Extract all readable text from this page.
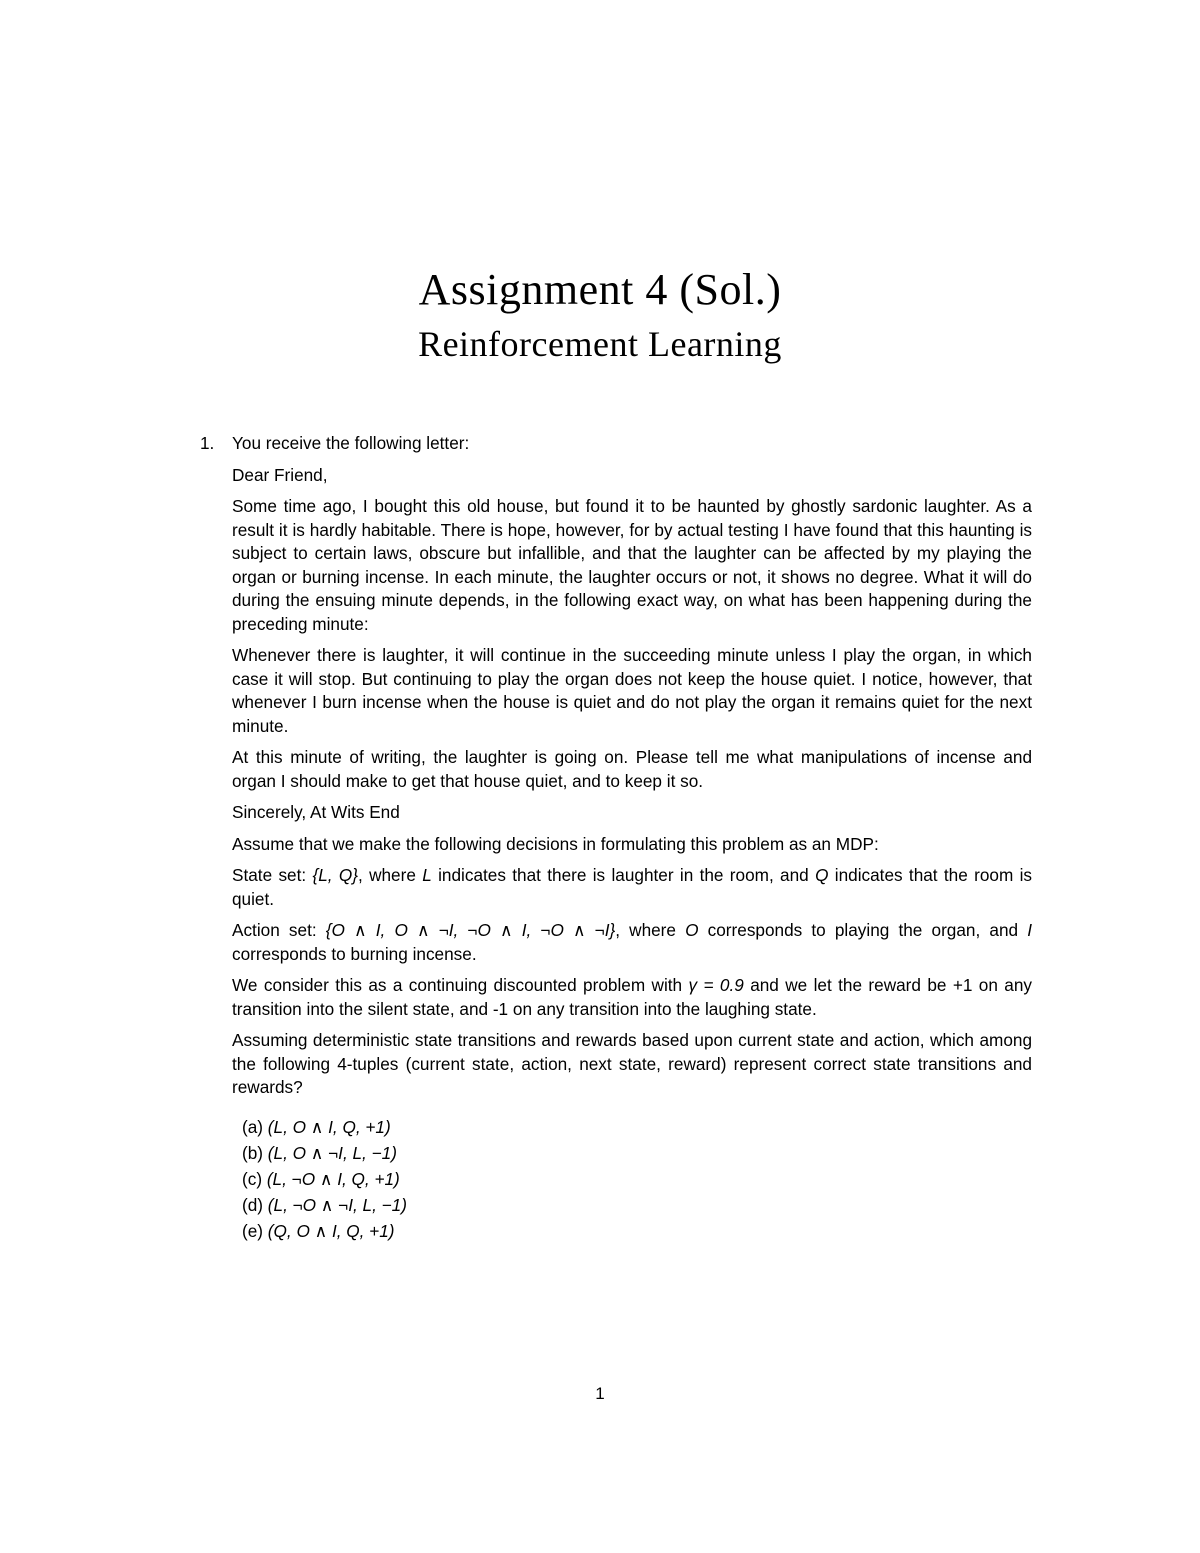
Assignment 4 (Sol.)
Reinforcement Learning
1.	You receive the following letter:

Dear Friend,

Some time ago, I bought this old house, but found it to be haunted by ghostly sardonic laughter. As a result it is hardly habitable. There is hope, however, for by actual testing I have found that this haunting is subject to certain laws, obscure but infallible, and that the laughter can be affected by my playing the organ or burning incense. In each minute, the laughter occurs or not, it shows no degree. What it will do during the ensuing minute depends, in the following exact way, on what has been happening during the preceding minute:

Whenever there is laughter, it will continue in the succeeding minute unless I play the organ, in which case it will stop. But continuing to play the organ does not keep the house quiet. I notice, however, that whenever I burn incense when the house is quiet and do not play the organ it remains quiet for the next minute.

At this minute of writing, the laughter is going on. Please tell me what manipulations of incense and organ I should make to get that house quiet, and to keep it so.

Sincerely, At Wits End

Assume that we make the following decisions in formulating this problem as an MDP:

State set: {L, Q}, where L indicates that there is laughter in the room, and Q indicates that the room is quiet.

Action set: {O ∧ I, O ∧ ¬I, ¬O ∧ I, ¬O ∧ ¬I}, where O corresponds to playing the organ, and I corresponds to burning incense.

We consider this as a continuing discounted problem with γ = 0.9 and we let the reward be +1 on any transition into the silent state, and -1 on any transition into the laughing state.

Assuming deterministic state transitions and rewards based upon current state and action, which among the following 4-tuples (current state, action, next state, reward) represent correct state transitions and rewards?

(a) (L, O ∧ I, Q, +1)
(b) (L, O ∧ ¬I, L, −1)
(c) (L, ¬O ∧ I, Q, +1)
(d) (L, ¬O ∧ ¬I, L, −1)
(e) (Q, O ∧ I, Q, +1)
1
